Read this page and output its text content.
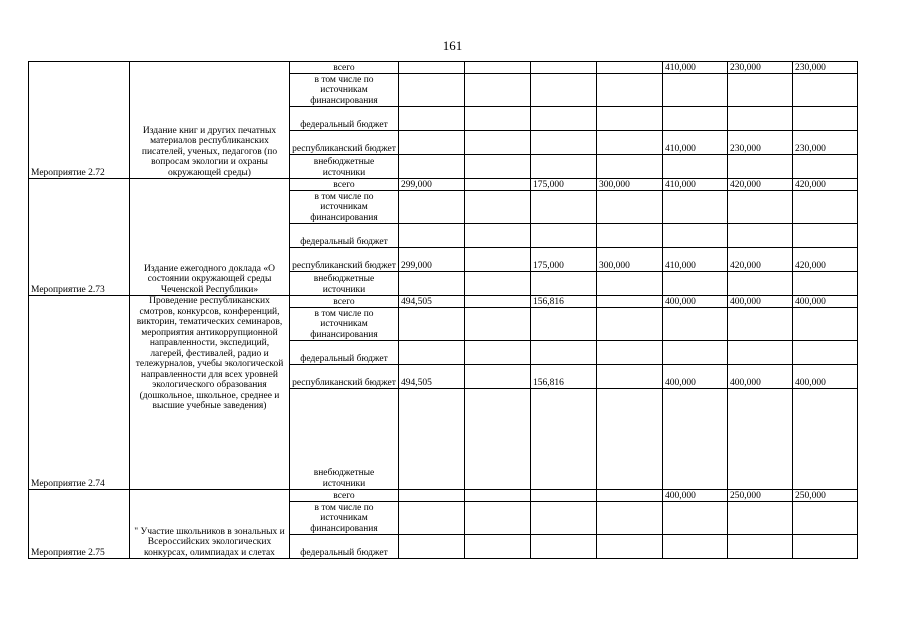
161
Мероприятие 2.72	Издание книг и других печатных материалов республиканских писателей, ученых, педагогов (по вопросам экологии и охраны окружающей среды)	всего					410,000	230,000	230,000
		в том числе по источникам финансирования							
		федеральный бюджет							
		республиканский бюджет					410,000	230,000	230,000
		внебюджетные источники							
Мероприятие 2.73	Издание ежегодного доклада «О состоянии окружающей среды Чеченской Республики»	всего	299,000		175,000	300,000	410,000	420,000	420,000
		в том числе по источникам финансирования							
		федеральный бюджет							
		республиканский бюджет	299,000		175,000	300,000	410,000	420,000	420,000
		внебюджетные источники							
Мероприятие 2.74	Проведение республиканских смотров, конкурсов, конференций, викторин, тематических семинаров, мероприятия антикоррупционной направленности, экспедиций, лагерей, фестивалей, радио и тележурналов, учебы экологической направленности для всех уровней экологического образования (дошкольное, школьное, среднее и высшие учебные заведения)	всего	494,505		156,816		400,000	400,000	400,000
		в том числе по источникам финансирования							
		федеральный бюджет							
		республиканский бюджет	494,505		156,816		400,000	400,000	400,000
		внебюджетные источники							
Мероприятие 2.75	" Участие школьников в зональных и Всероссийских экологических конкурсах, олимпиадах и слетах	всего					400,000	250,000	250,000
		в том числе по источникам финансирования							
		федеральный бюджет							
